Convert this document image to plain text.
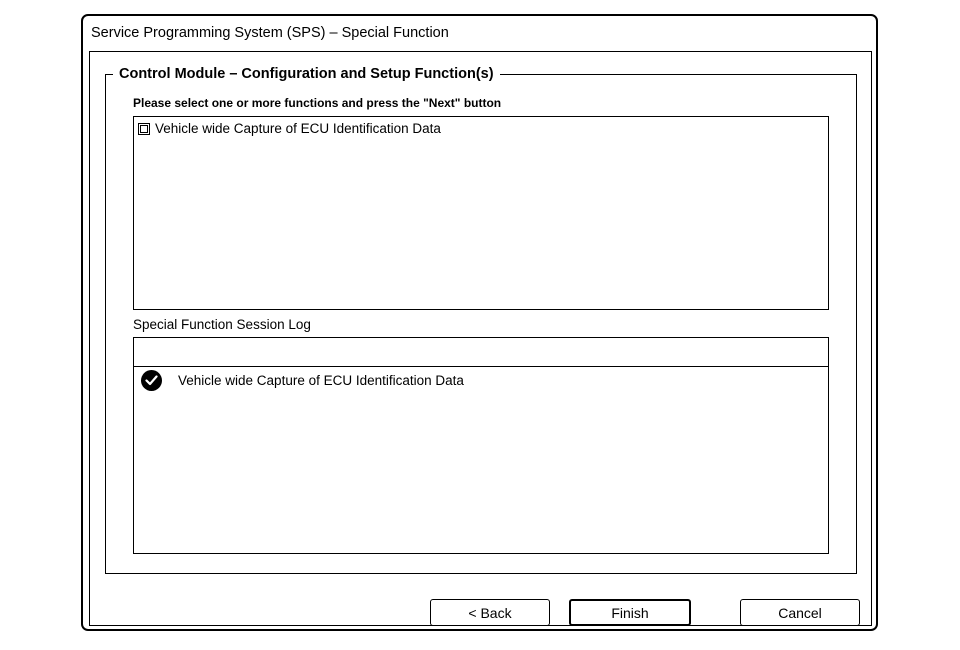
Service Programming System (SPS) – Special Function
Control Module – Configuration and Setup Function(s)
Please select one or more functions and press the "Next" button
Vehicle wide Capture of ECU Identification Data
Special Function Session Log
Vehicle wide Capture of ECU Identification Data
< Back	Finish	Cancel
